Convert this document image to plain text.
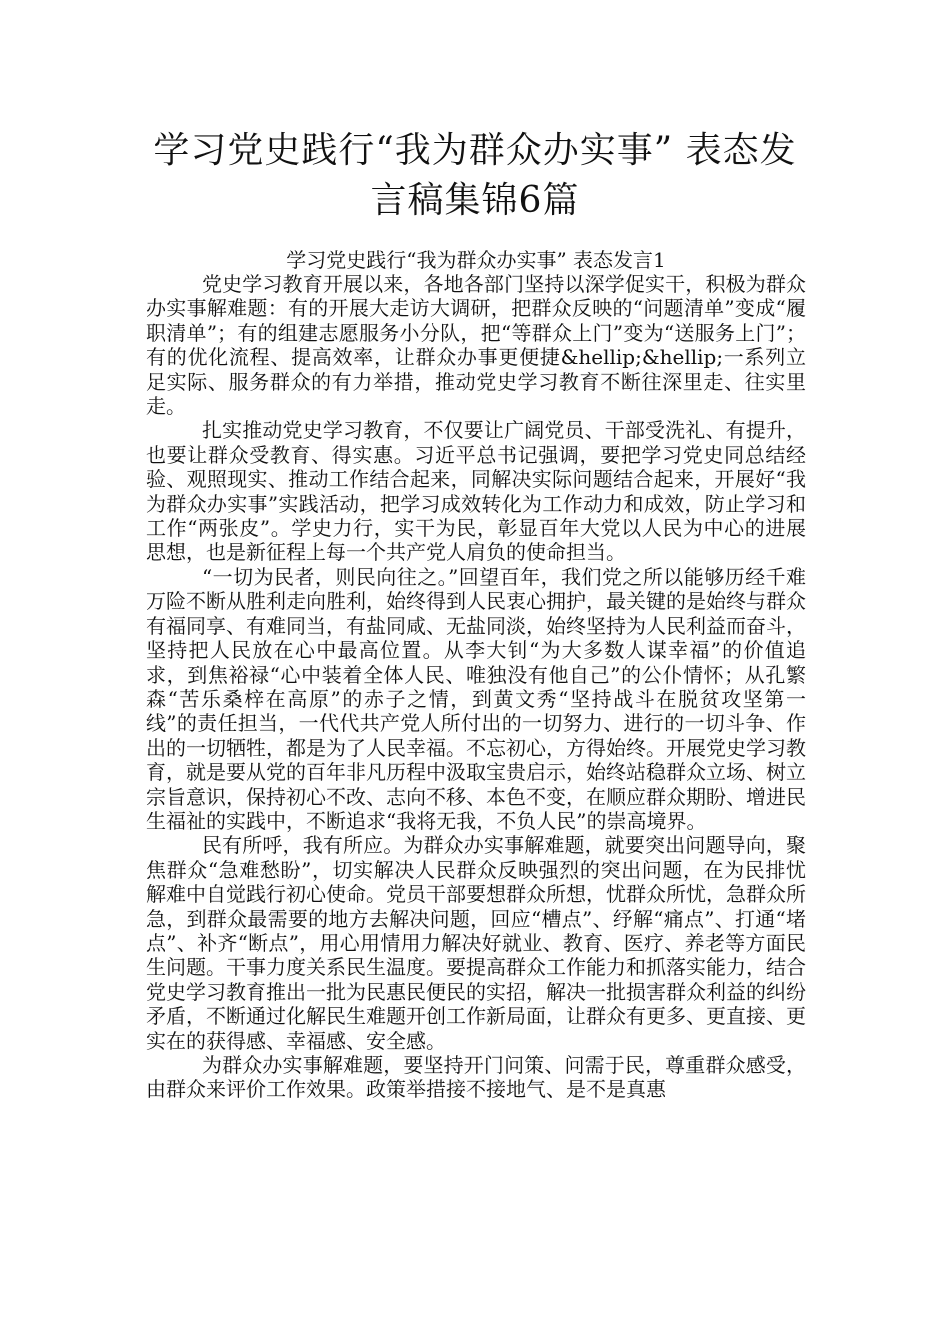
学习党史践行“我为群众办实事” 表态发
言稿集锦6篇
学习党史践行“我为群众办实事” 表态发言1

党史学习教育开展以来，各地各部门坚持以深学促实干，积极为群众办实事解难题：有的开展大走访大调研，把群众反映的“问题清单”变成“履职清单”；有的组建志愿服务小分队，把“等群众上门”变为“送服务上门”；有的优化流程、提高效率，让群众办事更便捷&hellip;&hellip;一系列立足实际、服务群众的有力举措，推动党史学习教育不断往深里走、往实里走。

扎实推动党史学习教育，不仅要让广阔党员、干部受洗礼、有提升，也要让群众受教育、得实惠。习近平总书记强调，要把学习党史同总结经验、观照现实、推动工作结合起来，同解决实际问题结合起来，开展好“我为群众办实事”实践活动，把学习成效转化为工作动力和成效，防止学习和工作“两张皮”。学史力行，实干为民，彰显百年大党以人民为中心的进展思想，也是新征程上每一个共产党人肩负的使命担当。

“一切为民者，则民向往之。”回望百年，我们党之所以能够历经千难万险不断从胜利走向胜利，始终得到人民衷心拥护，最关键的是始终与群众有福同享、有难同当，有盐同咸、无盐同淡，始终坚持为人民利益而奋斗，坚持把人民放在心中最高位置。从李大钊“为大多数人谋幸福”的价值追求，到焦裕禄“心中装着全体人民、唯独没有他自己”的公仆情怀；从孔繁森“苦乐桑梓在高原”的赤子之情，到黄文秀“坚持战斗在脱贫攻坚第一线”的责任担当，一代代共产党人所付出的一切努力、进行的一切斗争、作出的一切牺牲，都是为了人民幸福。不忘初心，方得始终。开展党史学习教育，就是要从党的百年非凡历程中汲取宝贵启示，始终站稳群众立场、树立宗旨意识，保持初心不改、志向不移、本色不变，在顺应群众期盼、增进民生福祉的实践中，不断追求“我将无我，不负人民”的崇高境界。

民有所呼，我有所应。为群众办实事解难题，就要突出问题导向，聚焦群众“急难愁盼”，切实解决人民群众反映强烈的突出问题，在为民排忧解难中自觉践行初心使命。党员干部要想群众所想，忧群众所忧，急群众所急，到群众最需要的地方去解决问题，回应“槽点”、纾解“痛点”、打通“堵点”、补齐“断点”，用心用情用力解决好就业、教育、医疗、养老等方面民生问题。干事力度关系民生温度。要提高群众工作能力和抓落实能力，结合党史学习教育推出一批为民惠民便民的实招，解决一批损害群众利益的纠纷矛盾，不断通过化解民生难题开创工作新局面，让群众有更多、更直接、更实在的获得感、幸福感、安全感。

为群众办实事解难题，要坚持开门问策、问需于民，尊重群众感受，由群众来评价工作效果。政策举措接不接地气、是不是真惠
